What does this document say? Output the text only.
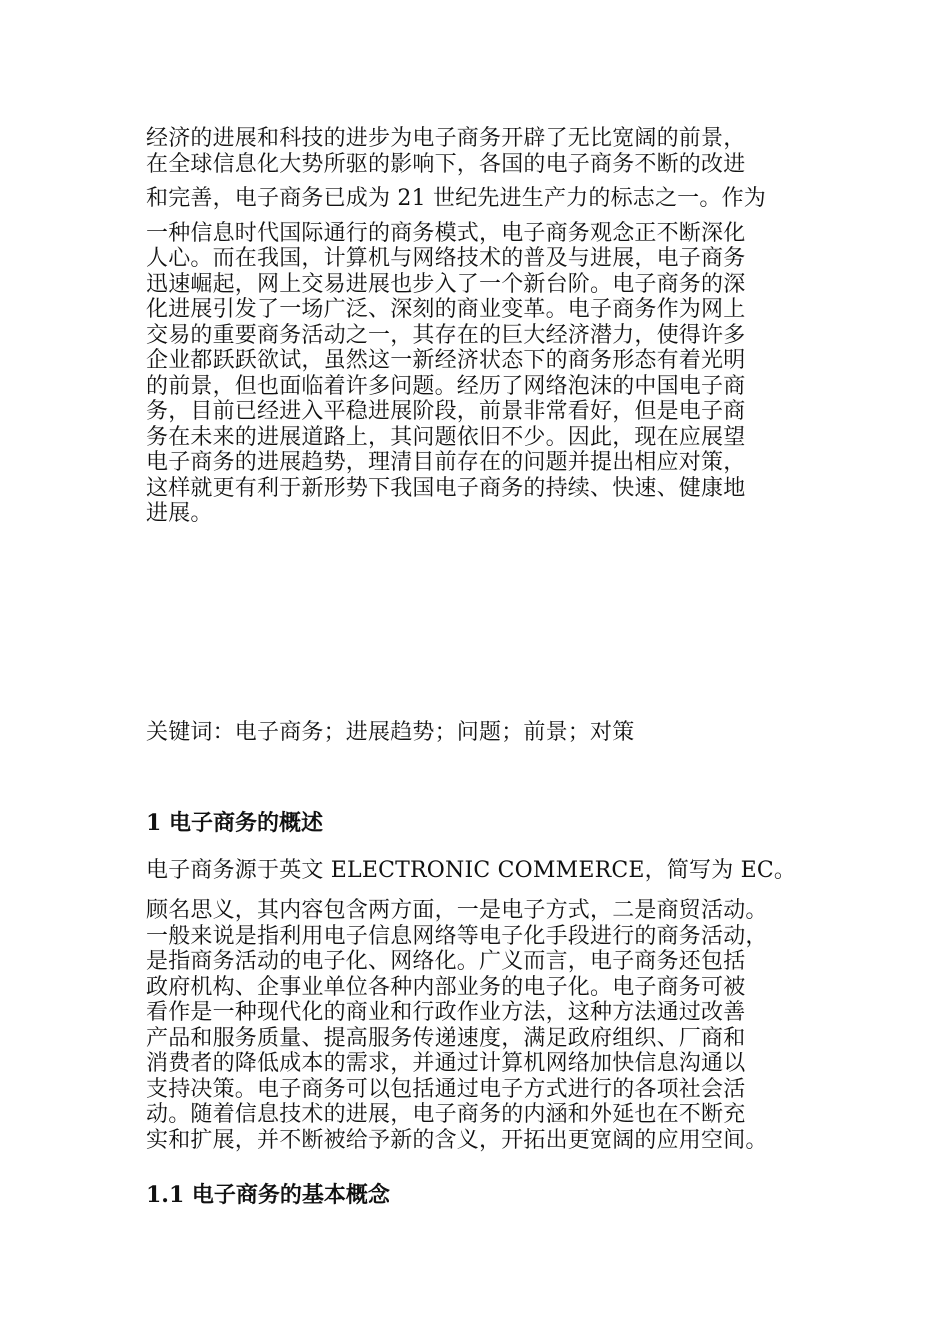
经济的进展和科技的进步为电子商务开辟了无比宽阔的前景，
在全球信息化大势所驱的影响下，各国的电子商务不断的改进
和完善，电子商务已成为 21 世纪先进生产力的标志之一。作为
一种信息时代国际通行的商务模式，电子商务观念正不断深化
人心。而在我国，计算机与网络技术的普及与进展，电子商务
迅速崛起，网上交易进展也步入了一个新台阶。电子商务的深
化进展引发了一场广泛、深刻的商业变革。电子商务作为网上
交易的重要商务活动之一，其存在的巨大经济潜力，使得许多
企业都跃跃欲试，虽然这一新经济状态下的商务形态有着光明
的前景，但也面临着许多问题。经历了网络泡沫的中国电子商
务，目前已经进入平稳进展阶段，前景非常看好，但是电子商
务在未来的进展道路上，其问题依旧不少。因此，现在应展望
电子商务的进展趋势，理清目前存在的问题并提出相应对策，
这样就更有利于新形势下我国电子商务的持续、快速、健康地
进展。

关键词：电子商务；进展趋势；问题；前景；对策

1 电子商务的概述

电子商务源于英文 ELECTRONIC COMMERCE，简写为 EC。

顾名思义，其内容包含两方面，一是电子方式，二是商贸活动。
一般来说是指利用电子信息网络等电子化手段进行的商务活动，
是指商务活动的电子化、网络化。广义而言，电子商务还包括
政府机构、企事业单位各种内部业务的电子化。电子商务可被
看作是一种现代化的商业和行政作业方法，这种方法通过改善
产品和服务质量、提高服务传递速度，满足政府组织、厂商和
消费者的降低成本的需求，并通过计算机网络加快信息沟通以
支持决策。电子商务可以包括通过电子方式进行的各项社会活
动。随着信息技术的进展，电子商务的内涵和外延也在不断充
实和扩展，并不断被给予新的含义，开拓出更宽阔的应用空间。
1.1 电子商务的基本概念
